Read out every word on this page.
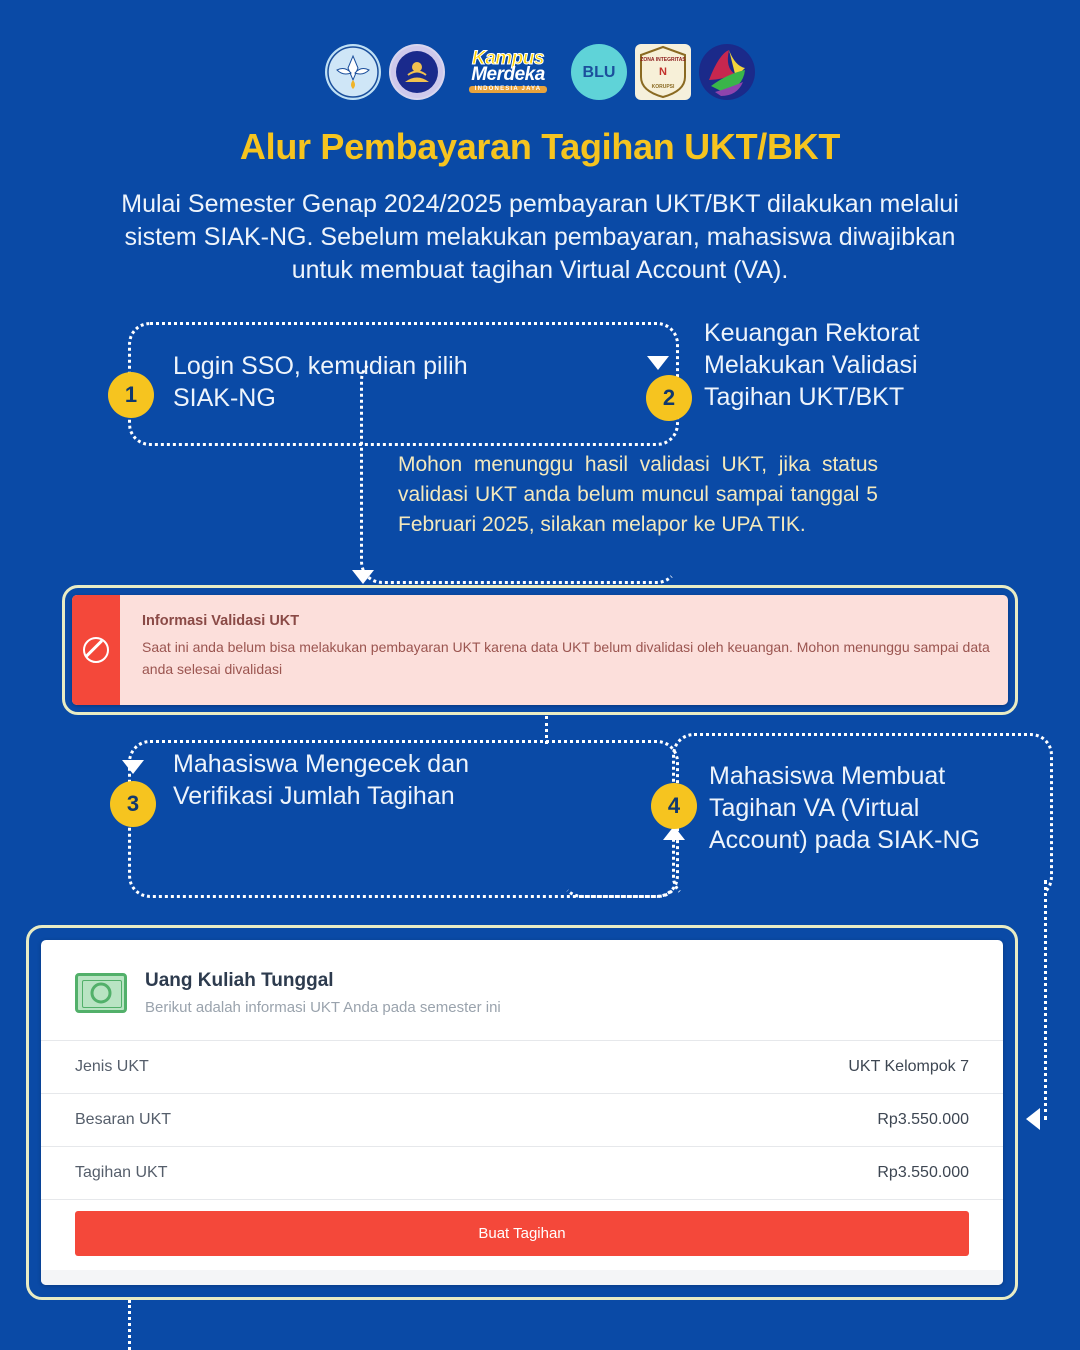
Kampus
Merdeka
INDONESIA JAYA
BLU
ZONA INTEGRITAS
N
KORUPSI
Alur Pembayaran Tagihan UKT/BKT
Mulai Semester Genap 2024/2025 pembayaran UKT/BKT dilakukan melalui sistem SIAK-NG. Sebelum melakukan pembayaran, mahasiswa diwajibkan untuk membuat tagihan Virtual Account (VA).
1
Login SSO, kemudian pilih SIAK-NG	2
Keuangan Rektorat Melakukan Validasi Tagihan UKT/BKT
Mohon menunggu hasil validasi UKT, jika status validasi UKT anda belum muncul sampai tanggal 5 Februari 2025, silakan melapor ke UPA TIK.
Informasi Validasi UKT
Saat ini anda belum bisa melakukan pembayaran UKT karena data UKT belum divalidasi oleh keuangan. Mohon menunggu sampai data anda selesai divalidasi
3
Mahasiswa Mengecek dan Verifikasi Jumlah Tagihan	4
Mahasiswa Membuat Tagihan VA (Virtual Account) pada SIAK-NG
Uang Kuliah Tunggal
Berikut adalah informasi UKT Anda pada semester ini
Jenis UKT	UKT Kelompok 7
Besaran UKT	Rp3.550.000
Tagihan UKT	Rp3.550.000
Buat Tagihan
